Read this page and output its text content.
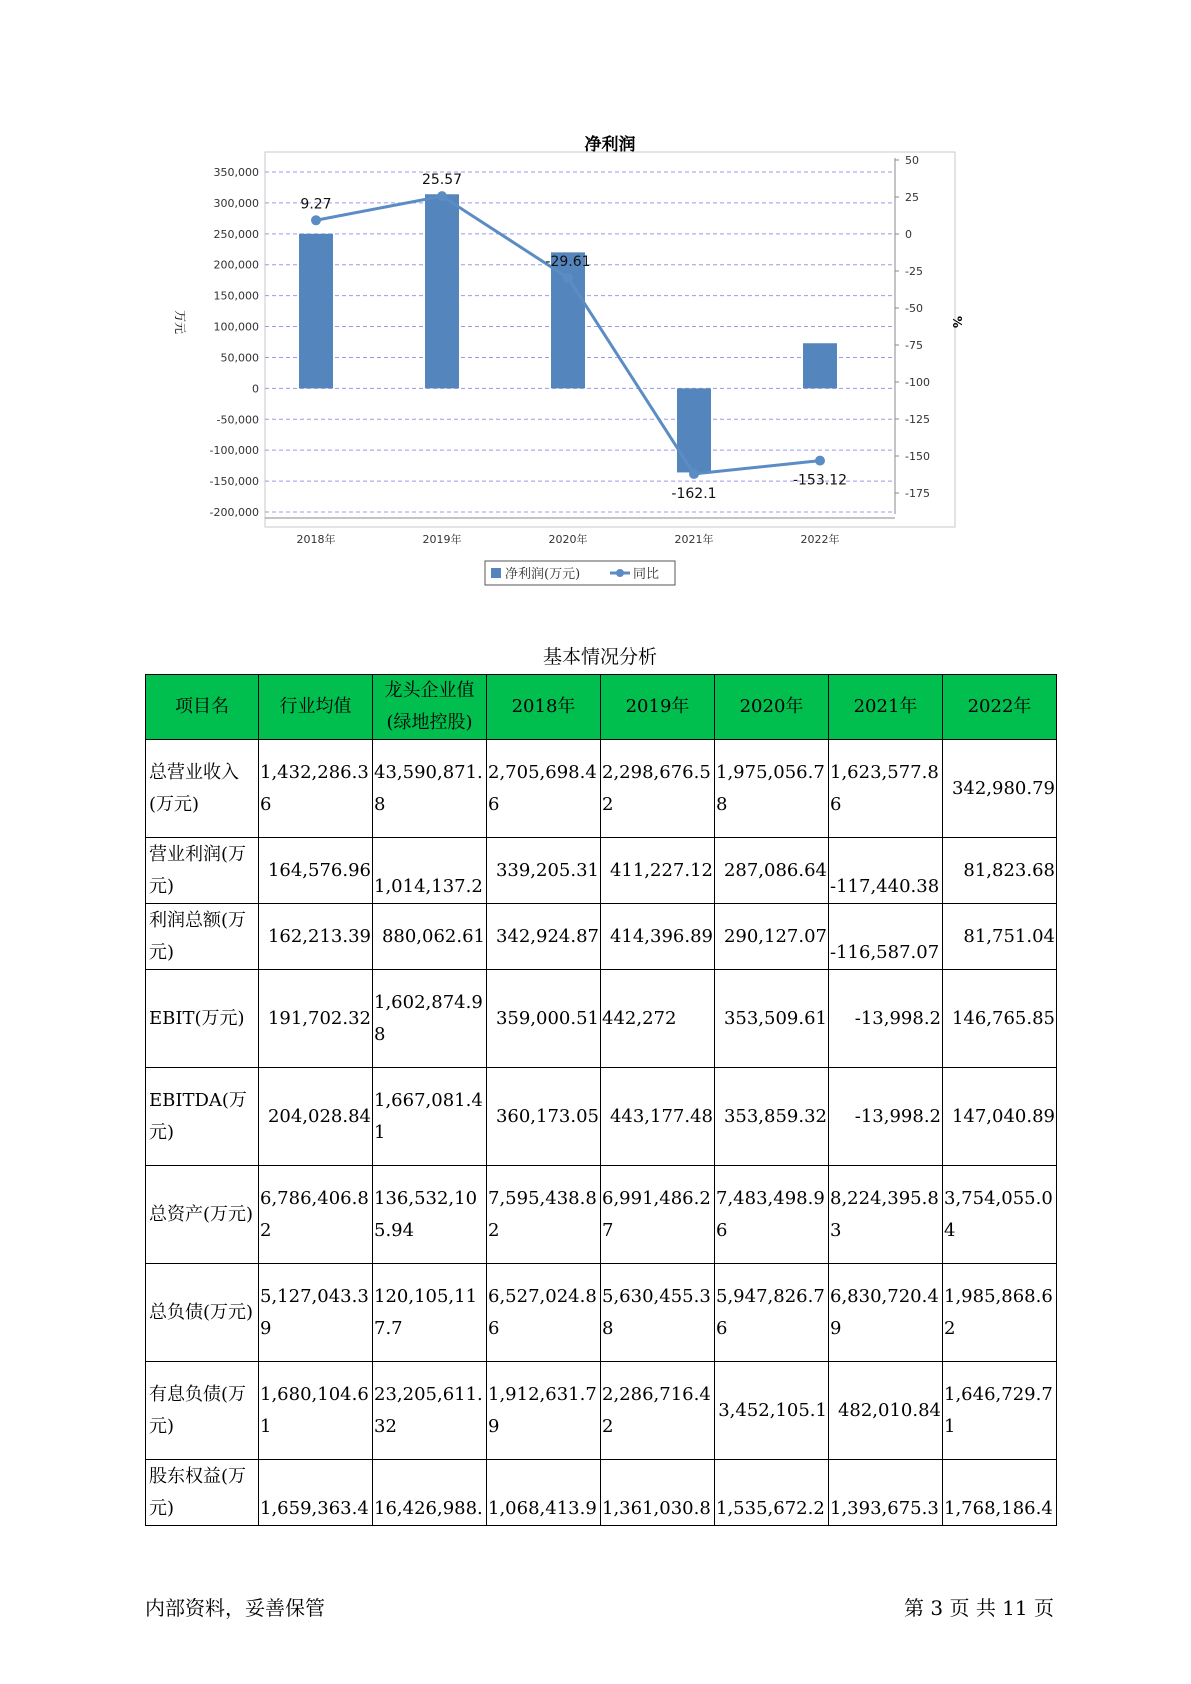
净利润
350,000
300,000
250,000
200,000
150,000
100,000
50,000
0
-50,000
-100,000
-150,000
-200,000
50
25
0
-25
-50
-75
-100
-125
-150
-175
万元	%
2018年	2019年	2020年	2021年	2022年
9.27
25.57
-29.61
-162.1
-153.12
净利润(万元)	同比
基本情况分析
项目名	行业均值	龙头企业值(绿地控股)	2018年	2019年	2020年	2021年	2022年
总营业收入(万元)	1,432,286.36	43,590,871.8	2,705,698.46	2,298,676.52	1,975,056.78	1,623,577.86	342,980.79
营业利润(万元)	164,576.96	1,014,137.2	339,205.31	411,227.12	287,086.64	-117,440.38	81,823.68
利润总额(万元)	162,213.39	880,062.61	342,924.87	414,396.89	290,127.07	-116,587.07	81,751.04
EBIT(万元)	191,702.32	1,602,874.98	359,000.51	442,272	353,509.61	-13,998.2	146,765.85
EBITDA(万元)	204,028.84	1,667,081.41	360,173.05	443,177.48	353,859.32	-13,998.2	147,040.89
总资产(万元)	6,786,406.82	136,532,105.94	7,595,438.82	6,991,486.27	7,483,498.96	8,224,395.83	3,754,055.04
总负债(万元)	5,127,043.39	120,105,117.7	6,527,024.86	5,630,455.38	5,947,826.76	6,830,720.49	1,985,868.62
有息负债(万元)	1,680,104.61	23,205,611.32	1,912,631.79	2,286,716.42	3,452,105.1	482,010.84	1,646,729.71
股东权益(万元)	1,659,363.4	16,426,988.	1,068,413.9	1,361,030.8	1,535,672.2	1,393,675.3	1,768,186.4
内部资料，妥善保管	第 3 页 共 11 页
